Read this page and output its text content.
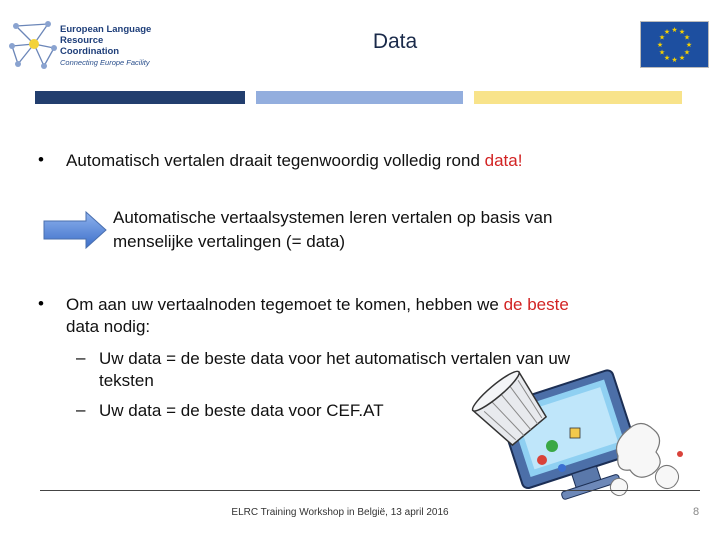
European Language
Resource Coordination
Connecting Europe Facility
Data	★ ★
★
★
★
★
★
★
★
★
★
★
• Automatisch vertalen draait tegenwoordig volledig rond data!
Automatische vertaalsystemen leren vertalen op basis van
menselijke vertalingen (= data)
• Om aan uw vertaalnoden tegemoet te komen, hebben we de beste
data nodig:
– Uw data = de beste data voor het automatisch vertalen van uw
teksten
– Uw data = de beste data voor CEF.AT
ELRC Training Workshop in België, 13 april 2016	8
